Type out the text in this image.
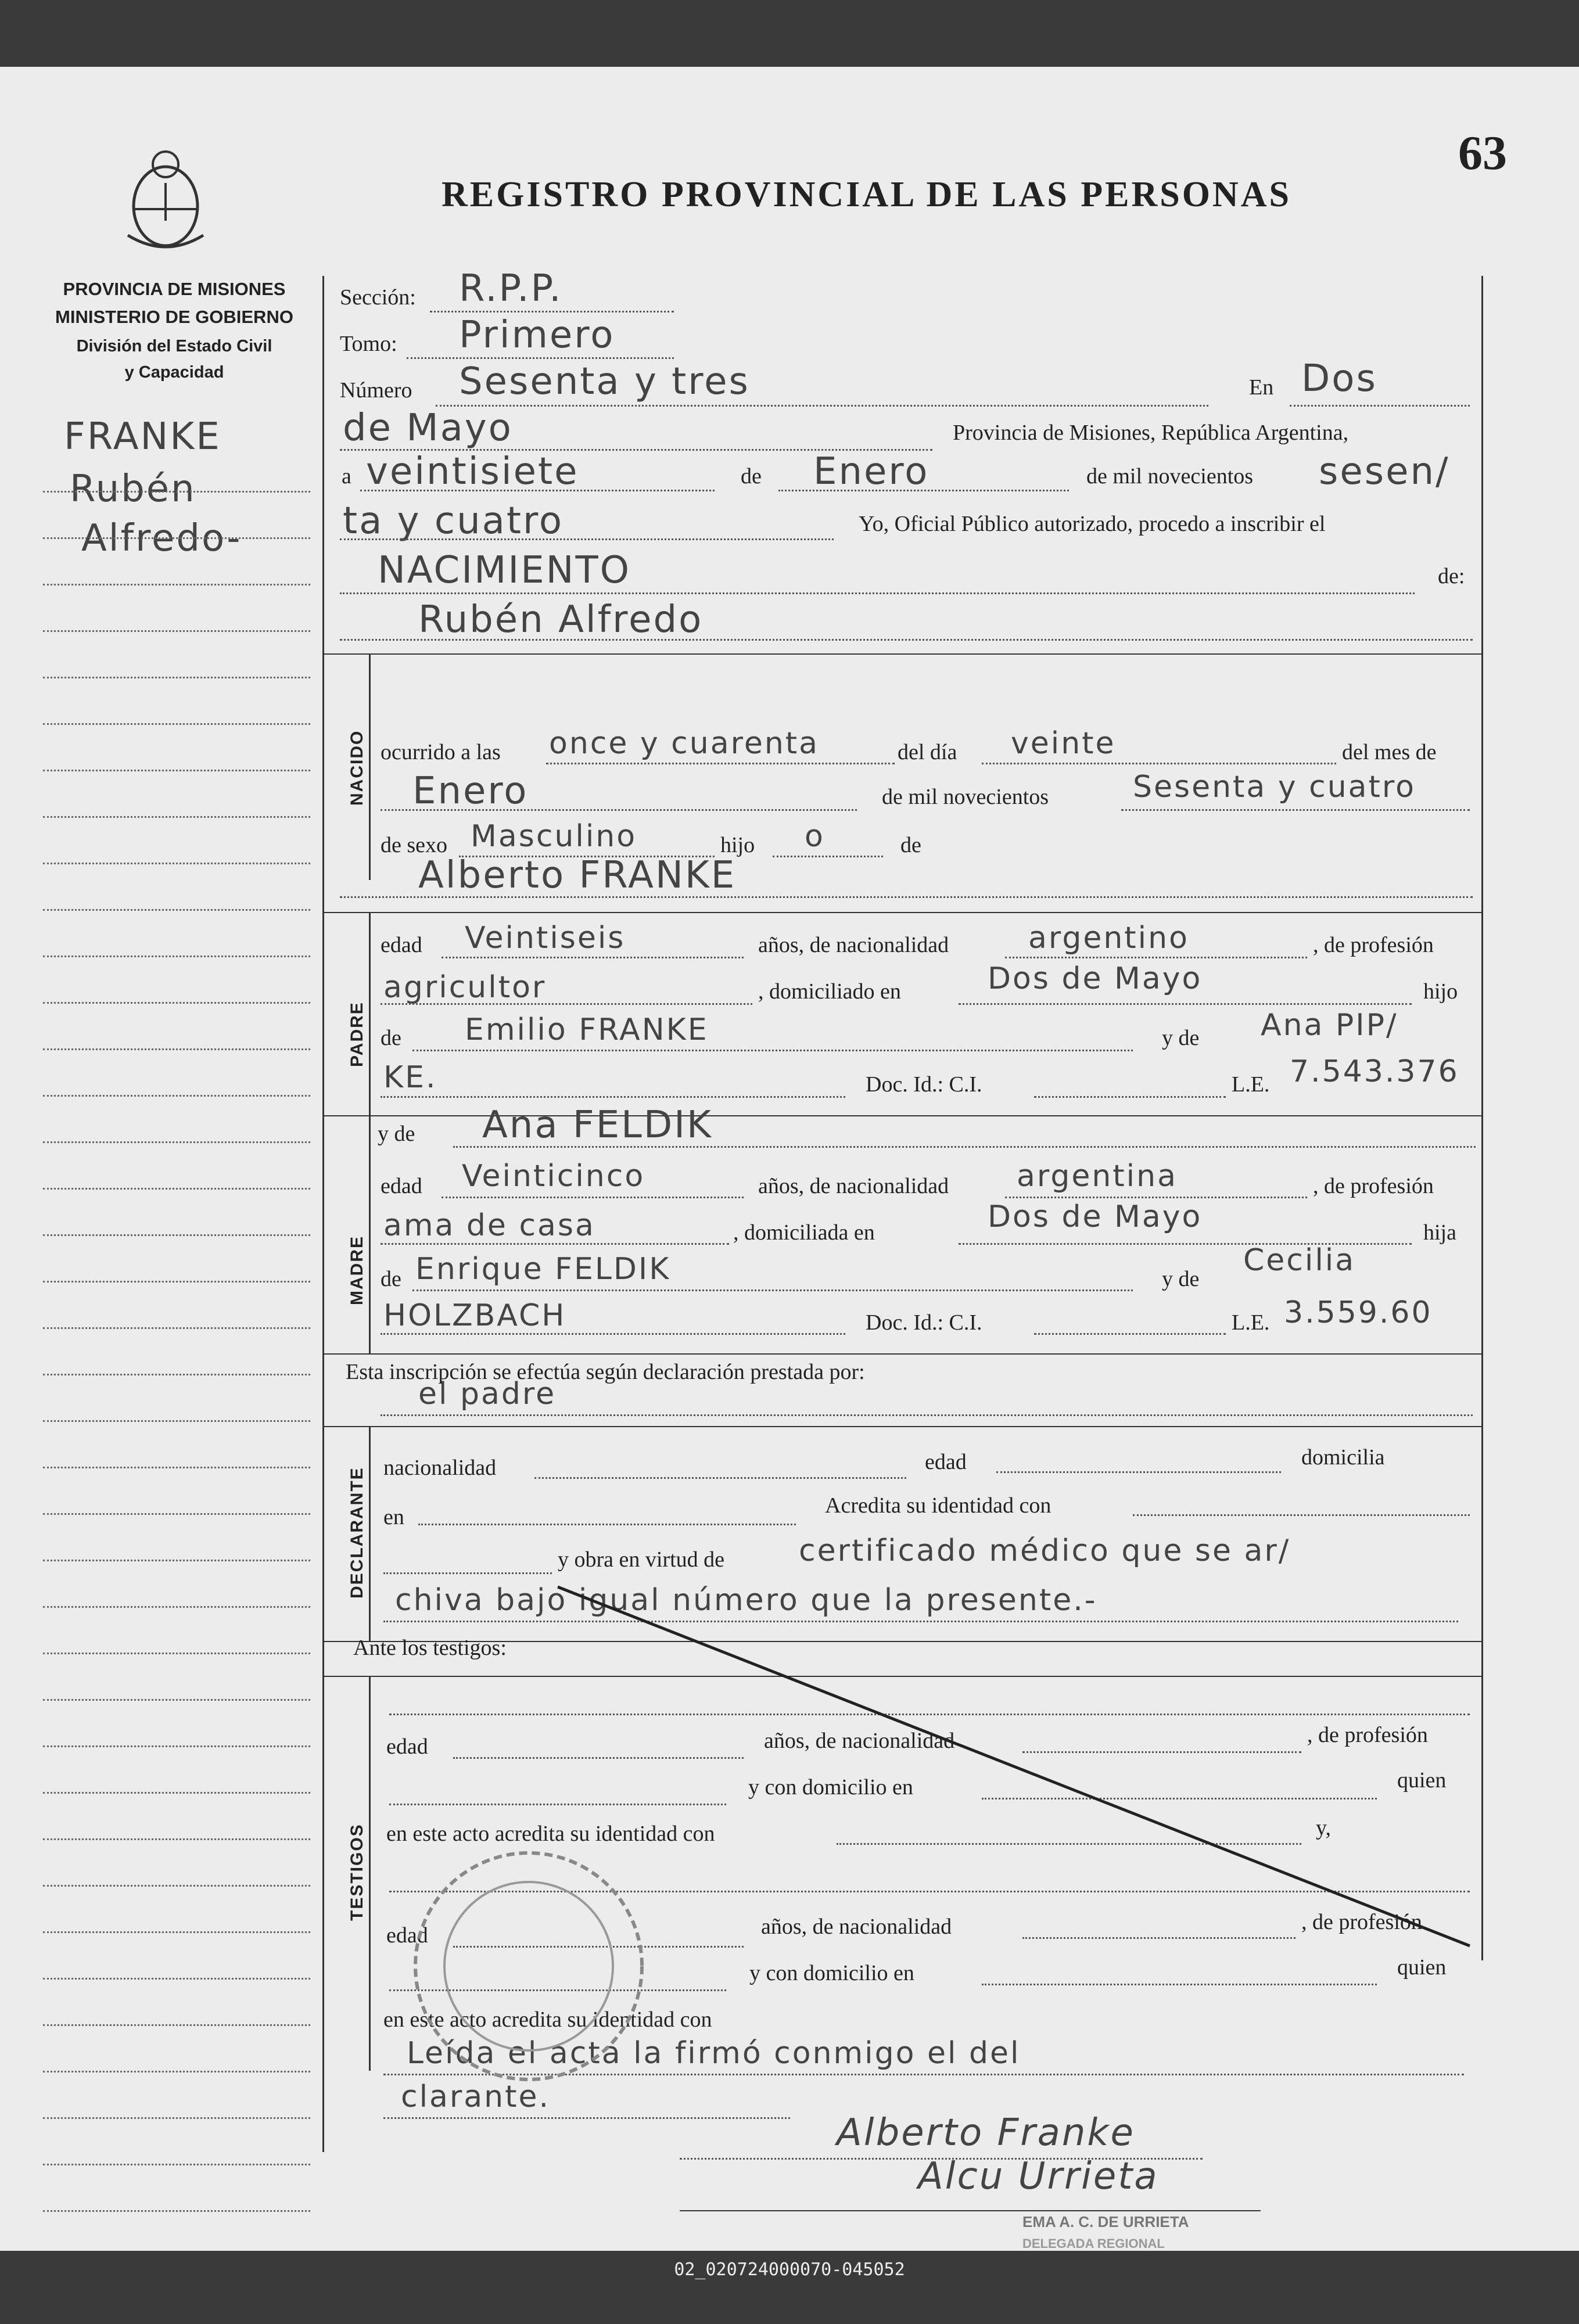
REGISTRO PROVINCIAL DE LAS PERSONAS
63
PROVINCIA DE MISIONES
MINISTERIO DE GOBIERNO
División del Estado Civil
y Capacidad
FRANKE
Rubén
Alfredo-
Sección: R.P.P.
Tomo: Primero
Número Sesenta y tres	En Dos
de Mayo	Provincia de Misiones, República Argentina,
a veintisiete	de Enero	de mil novecientos sesen/
ta y cuatro	Yo, Oficial Público autorizado, procedo a inscribir el
NACIMIENTO	de:
Rubén Alfredo
NACIDO ocurrido a las once y cuarenta	del día veinte	del mes de
Enero	de mil novecientos	Sesenta y cuatro
de sexo Masculino	hijo o	de
Alberto FRANKE
PADRE
edad Veintiseis	años, de nacionalidad	argentino	, de profesión
agricultor	, domiciliado en	Dos de Mayo	hijo
de Emilio FRANKE	y de Ana PIP/
KE.	Doc. Id.: C.I.	L.E. 7.543.376
y de Ana FELDIK
MADRE
edad Veinticinco	años, de nacionalidad argentina	, de profesión
ama de casa	, domiciliada en	Dos de Mayo	hija
de Enrique FELDIK	y de
Cecilia
HOLZBACH	Doc. Id.: C.I.	L.E. 3.559.60
Esta inscripción se efectúa según declaración prestada por:
el padre
DECLARANTE nacionalidad	edad	domicilia
en	Acredita su identidad con
y obra en virtud de certificado médico que se ar/
chiva bajo igual número que la presente.-
Ante los testigos:
TESTIGOS
edad	años, de nacionalidad	, de profesión
y con domicilio en	quien
en este acto acredita su identidad con	y,
edad	años, de nacionalidad	, de profesión
y con domicilio en	quien
en este acto acredita su identidad con
Leída el acta la firmó conmigo el del
clarante.
Alberto Franke
Alcu Urrieta
EMA A. C. DE URRIETA
DELEGADA REGIONAL
02_020724000070-045052
